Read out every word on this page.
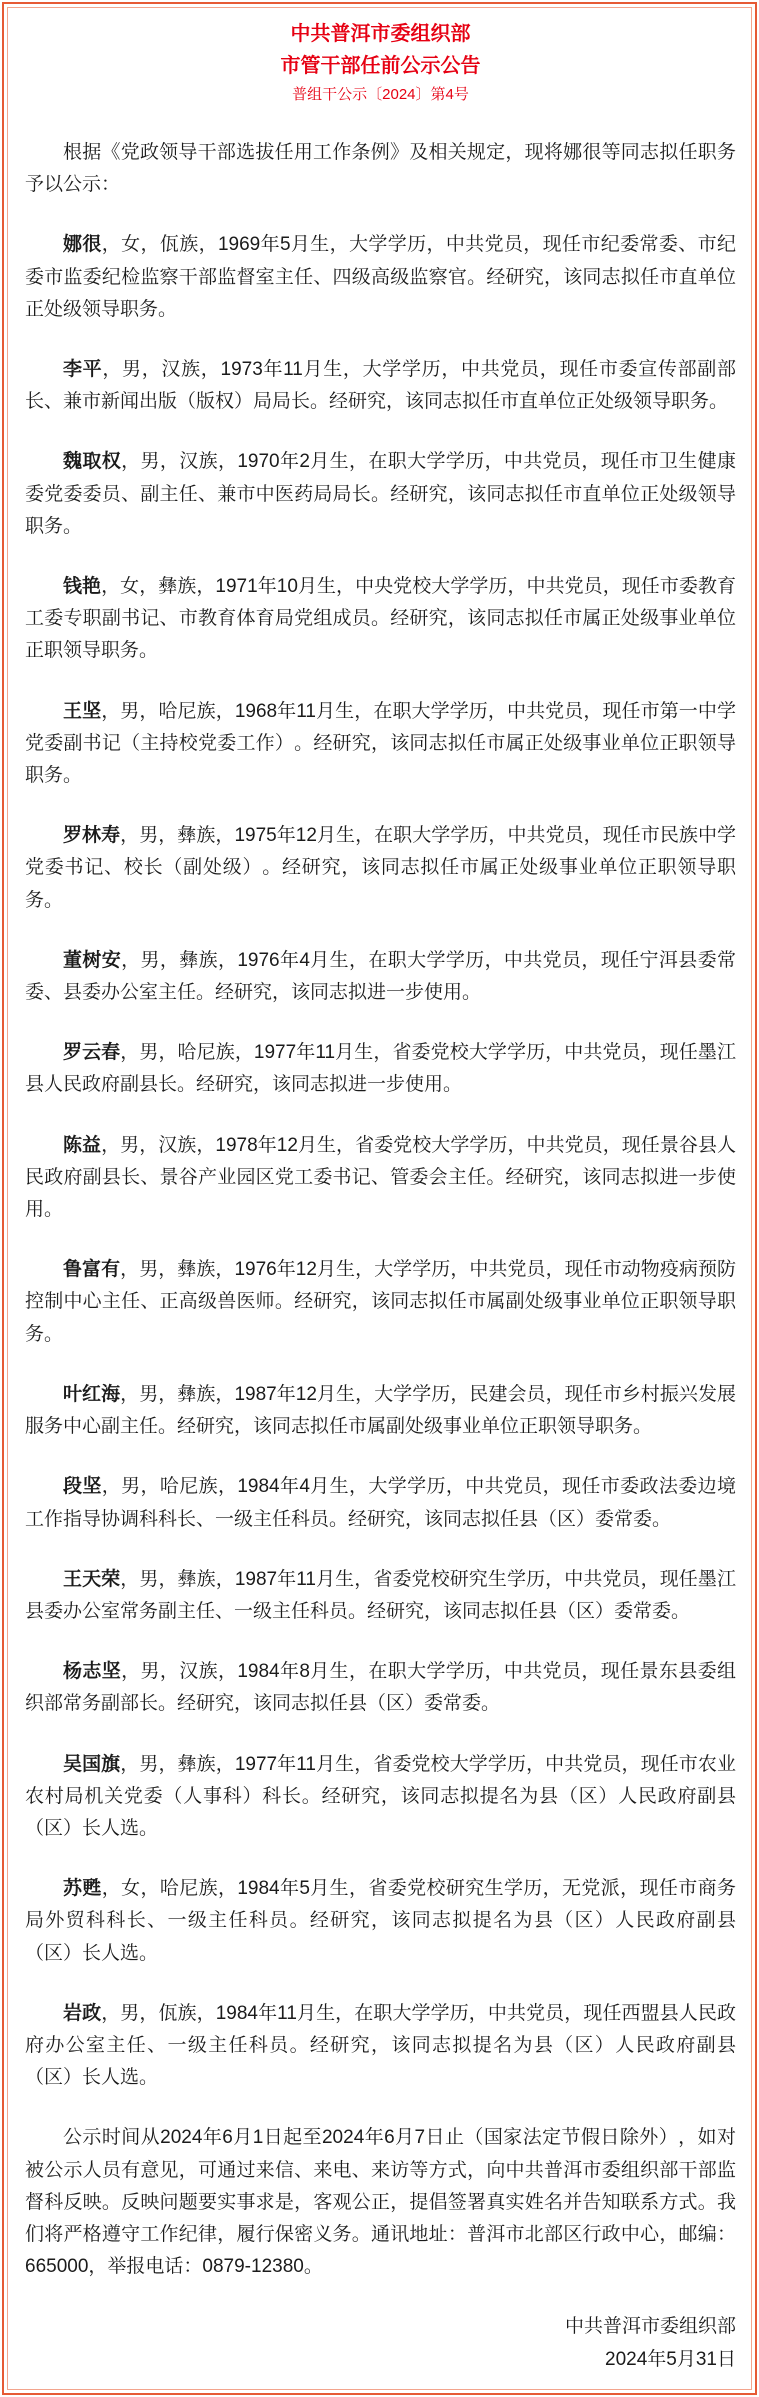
中共普洱市委组织部
市管干部任前公示公告
普组干公示〔2024〕第4号

根据《党政领导干部选拔任用工作条例》及相关规定，现将娜很等同志拟任职务予以公示：

娜很，女，佤族，1969年5月生，大学学历，中共党员，现任市纪委常委、市纪委市监委纪检监察干部监督室主任、四级高级监察官。经研究，该同志拟任市直单位正处级领导职务。

李平，男，汉族，1973年11月生，大学学历，中共党员，现任市委宣传部副部长、兼市新闻出版（版权）局局长。经研究，该同志拟任市直单位正处级领导职务。

魏取权，男，汉族，1970年2月生，在职大学学历，中共党员，现任市卫生健康委党委委员、副主任、兼市中医药局局长。经研究，该同志拟任市直单位正处级领导职务。

钱艳，女，彝族，1971年10月生，中央党校大学学历，中共党员，现任市委教育工委专职副书记、市教育体育局党组成员。经研究，该同志拟任市属正处级事业单位正职领导职务。

王坚，男，哈尼族，1968年11月生，在职大学学历，中共党员，现任市第一中学党委副书记（主持校党委工作）。经研究，该同志拟任市属正处级事业单位正职领导职务。

罗林寿，男，彝族，1975年12月生，在职大学学历，中共党员，现任市民族中学党委书记、校长（副处级）。经研究，该同志拟任市属正处级事业单位正职领导职务。

董树安，男，彝族，1976年4月生，在职大学学历，中共党员，现任宁洱县委常委、县委办公室主任。经研究，该同志拟进一步使用。

罗云春，男，哈尼族，1977年11月生，省委党校大学学历，中共党员，现任墨江县人民政府副县长。经研究，该同志拟进一步使用。

陈益，男，汉族，1978年12月生，省委党校大学学历，中共党员，现任景谷县人民政府副县长、景谷产业园区党工委书记、管委会主任。经研究，该同志拟进一步使用。

鲁富有，男，彝族，1976年12月生，大学学历，中共党员，现任市动物疫病预防控制中心主任、正高级兽医师。经研究，该同志拟任市属副处级事业单位正职领导职务。

叶红海，男，彝族，1987年12月生，大学学历，民建会员，现任市乡村振兴发展服务中心副主任。经研究，该同志拟任市属副处级事业单位正职领导职务。

段坚，男，哈尼族，1984年4月生，大学学历，中共党员，现任市委政法委边境工作指导协调科科长、一级主任科员。经研究，该同志拟任县（区）委常委。

王天荣，男，彝族，1987年11月生，省委党校研究生学历，中共党员，现任墨江县委办公室常务副主任、一级主任科员。经研究，该同志拟任县（区）委常委。

杨志坚，男，汉族，1984年8月生，在职大学学历，中共党员，现任景东县委组织部常务副部长。经研究，该同志拟任县（区）委常委。

吴国旗，男，彝族，1977年11月生，省委党校大学学历，中共党员，现任市农业农村局机关党委（人事科）科长。经研究，该同志拟提名为县（区）人民政府副县（区）长人选。

苏甦，女，哈尼族，1984年5月生，省委党校研究生学历，无党派，现任市商务局外贸科科长、一级主任科员。经研究，该同志拟提名为县（区）人民政府副县（区）长人选。

岩政，男，佤族，1984年11月生，在职大学学历，中共党员，现任西盟县人民政府办公室主任、一级主任科员。经研究，该同志拟提名为县（区）人民政府副县（区）长人选。

公示时间从2024年6月1日起至2024年6月7日止（国家法定节假日除外），如对被公示人员有意见，可通过来信、来电、来访等方式，向中共普洱市委组织部干部监督科反映。反映问题要实事求是，客观公正，提倡签署真实姓名并告知联系方式。我们将严格遵守工作纪律，履行保密义务。通讯地址：普洱市北部区行政中心，邮编：665000，举报电话：0879-12380。

中共普洱市委组织部

2024年5月31日
